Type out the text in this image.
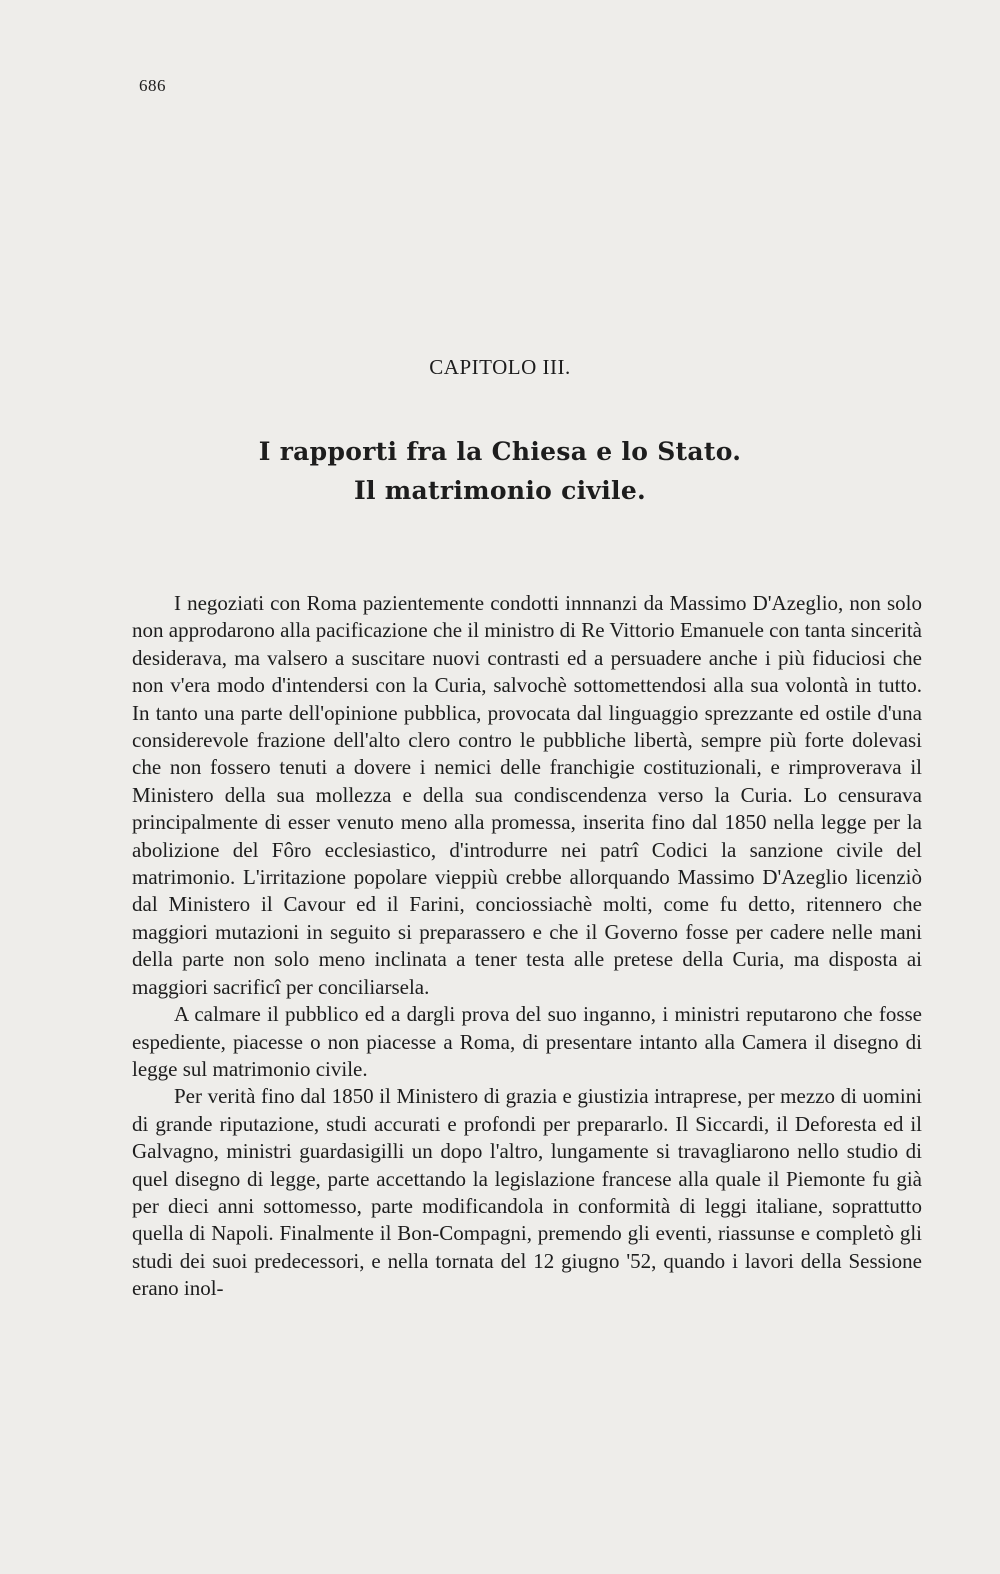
686
CAPITOLO III.
I rapporti fra la Chiesa e lo Stato.
Il matrimonio civile.

I negoziati con Roma pazientemente condotti innnanzi da Massimo D'Azeglio, non solo non approdarono alla pacificazione che il ministro di Re Vittorio Emanuele con tanta sincerità desiderava, ma valsero a suscitare nuovi contrasti ed a persuadere anche i più fiduciosi che non v'era modo d'intendersi con la Curia, salvochè sottomettendosi alla sua volontà in tutto. In tanto una parte dell'opinione pubblica, provocata dal linguaggio sprezzante ed ostile d'una considerevole frazione dell'alto clero contro le pubbliche libertà, sempre più forte dolevasi che non fossero tenuti a dovere i nemici delle franchigie costituzionali, e rimproverava il Ministero della sua mollezza e della sua condiscendenza verso la Curia. Lo censurava principalmente di esser venuto meno alla promessa, inserita fino dal 1850 nella legge per la abolizione del Fôro ecclesiastico, d'introdurre nei patrî Codici la sanzione civile del matrimonio. L'irritazione popolare vieppiù crebbe allorquando Massimo D'Azeglio licenziò dal Ministero il Cavour ed il Farini, conciossiachè molti, come fu detto, ritennero che maggiori mutazioni in seguito si preparassero e che il Governo fosse per cadere nelle mani della parte non solo meno inclinata a tener testa alle pretese della Curia, ma disposta ai maggiori sacrificî per conciliarsela.

A calmare il pubblico ed a dargli prova del suo inganno, i ministri reputarono che fosse espediente, piacesse o non piacesse a Roma, di presentare intanto alla Camera il disegno di legge sul matrimonio civile.

Per verità fino dal 1850 il Ministero di grazia e giustizia intraprese, per mezzo di uomini di grande riputazione, studi accurati e profondi per prepararlo. Il Siccardi, il Deforesta ed il Galvagno, ministri guardasigilli un dopo l'altro, lungamente si travagliarono nello studio di quel disegno di legge, parte accettando la legislazione francese alla quale il Piemonte fu già per dieci anni sottomesso, parte modificandola in conformità di leggi italiane, soprattutto quella di Napoli. Finalmente il Bon-Compagni, premendo gli eventi, riassunse e completò gli studi dei suoi predecessori, e nella tornata del 12 giugno '52, quando i lavori della Sessione erano inol-
